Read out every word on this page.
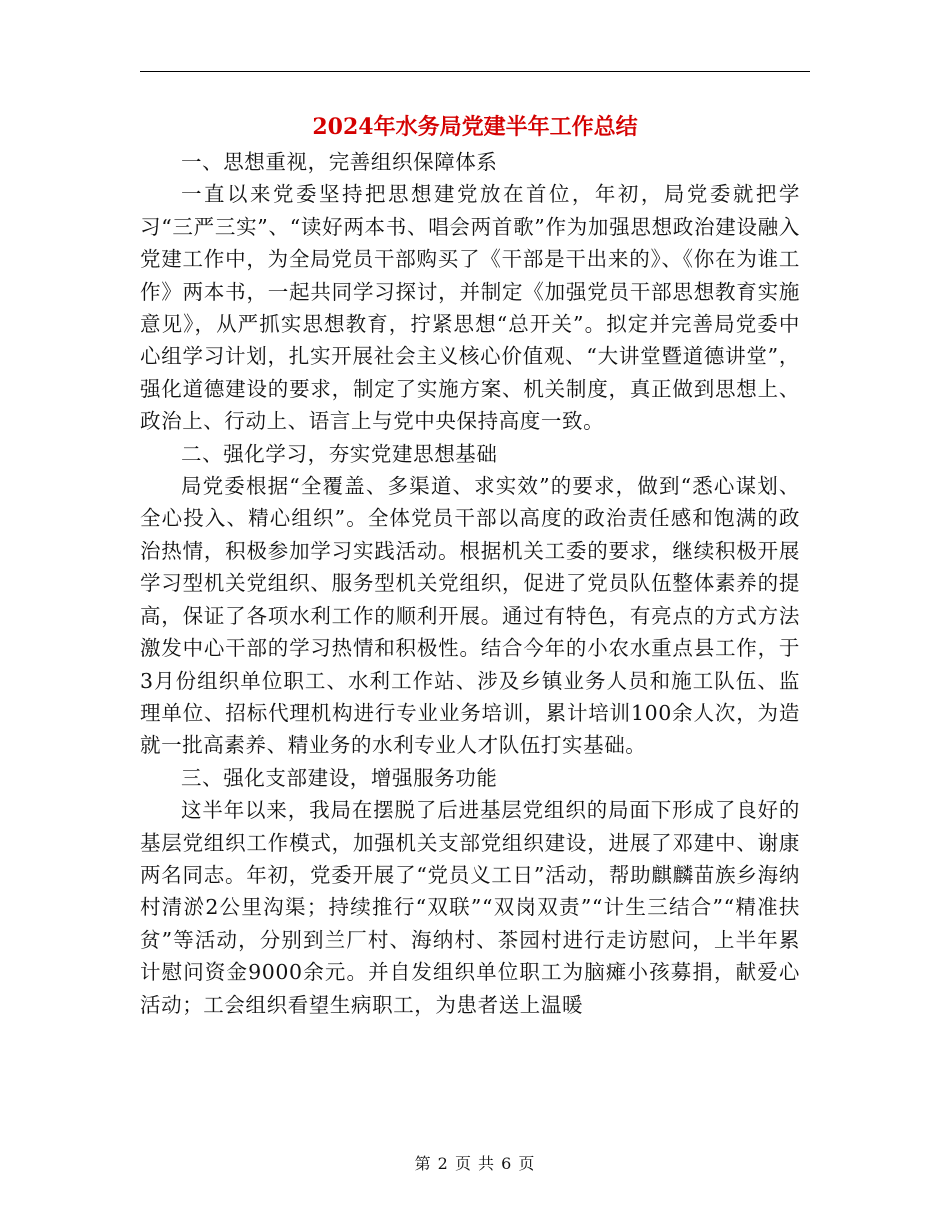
2024年水务局党建半年工作总结

一、思想重视，完善组织保障体系

一直以来党委坚持把思想建党放在首位，年初，局党委就把学习“三严三实”、“读好两本书、唱会两首歌”作为加强思想政治建设融入党建工作中，为全局党员干部购买了《干部是干出来的》、《你在为谁工作》两本书，一起共同学习探讨，并制定《加强党员干部思想教育实施意见》，从严抓实思想教育，拧紧思想“总开关”。拟定并完善局党委中心组学习计划，扎实开展社会主义核心价值观、“大讲堂暨道德讲堂”，强化道德建设的要求，制定了实施方案、机关制度，真正做到思想上、政治上、行动上、语言上与党中央保持高度一致。

二、强化学习，夯实党建思想基础

局党委根据“全覆盖、多渠道、求实效”的要求，做到“悉心谋划、全心投入、精心组织”。全体党员干部以高度的政治责任感和饱满的政治热情，积极参加学习实践活动。根据机关工委的要求，继续积极开展学习型机关党组织、服务型机关党组织，促进了党员队伍整体素养的提高，保证了各项水利工作的顺利开展。通过有特色，有亮点的方式方法激发中心干部的学习热情和积极性。结合今年的小农水重点县工作，于3月份组织单位职工、水利工作站、涉及乡镇业务人员和施工队伍、监理单位、招标代理机构进行专业业务培训，累计培训100余人次，为造就一批高素养、精业务的水利专业人才队伍打实基础。

三、强化支部建设，增强服务功能

这半年以来，我局在摆脱了后进基层党组织的局面下形成了良好的基层党组织工作模式，加强机关支部党组织建设，进展了邓建中、谢康两名同志。年初，党委开展了“党员义工日”活动，帮助麒麟苗族乡海纳村清淤2公里沟渠；持续推行“双联”“双岗双责”“计生三结合”“精准扶贫”等活动，分别到兰厂村、海纳村、茶园村进行走访慰问，上半年累计慰问资金9000余元。并自发组织单位职工为脑瘫小孩募捐，献爱心活动；工会组织看望生病职工，为患者送上温暖

第 2 页 共 6 页
